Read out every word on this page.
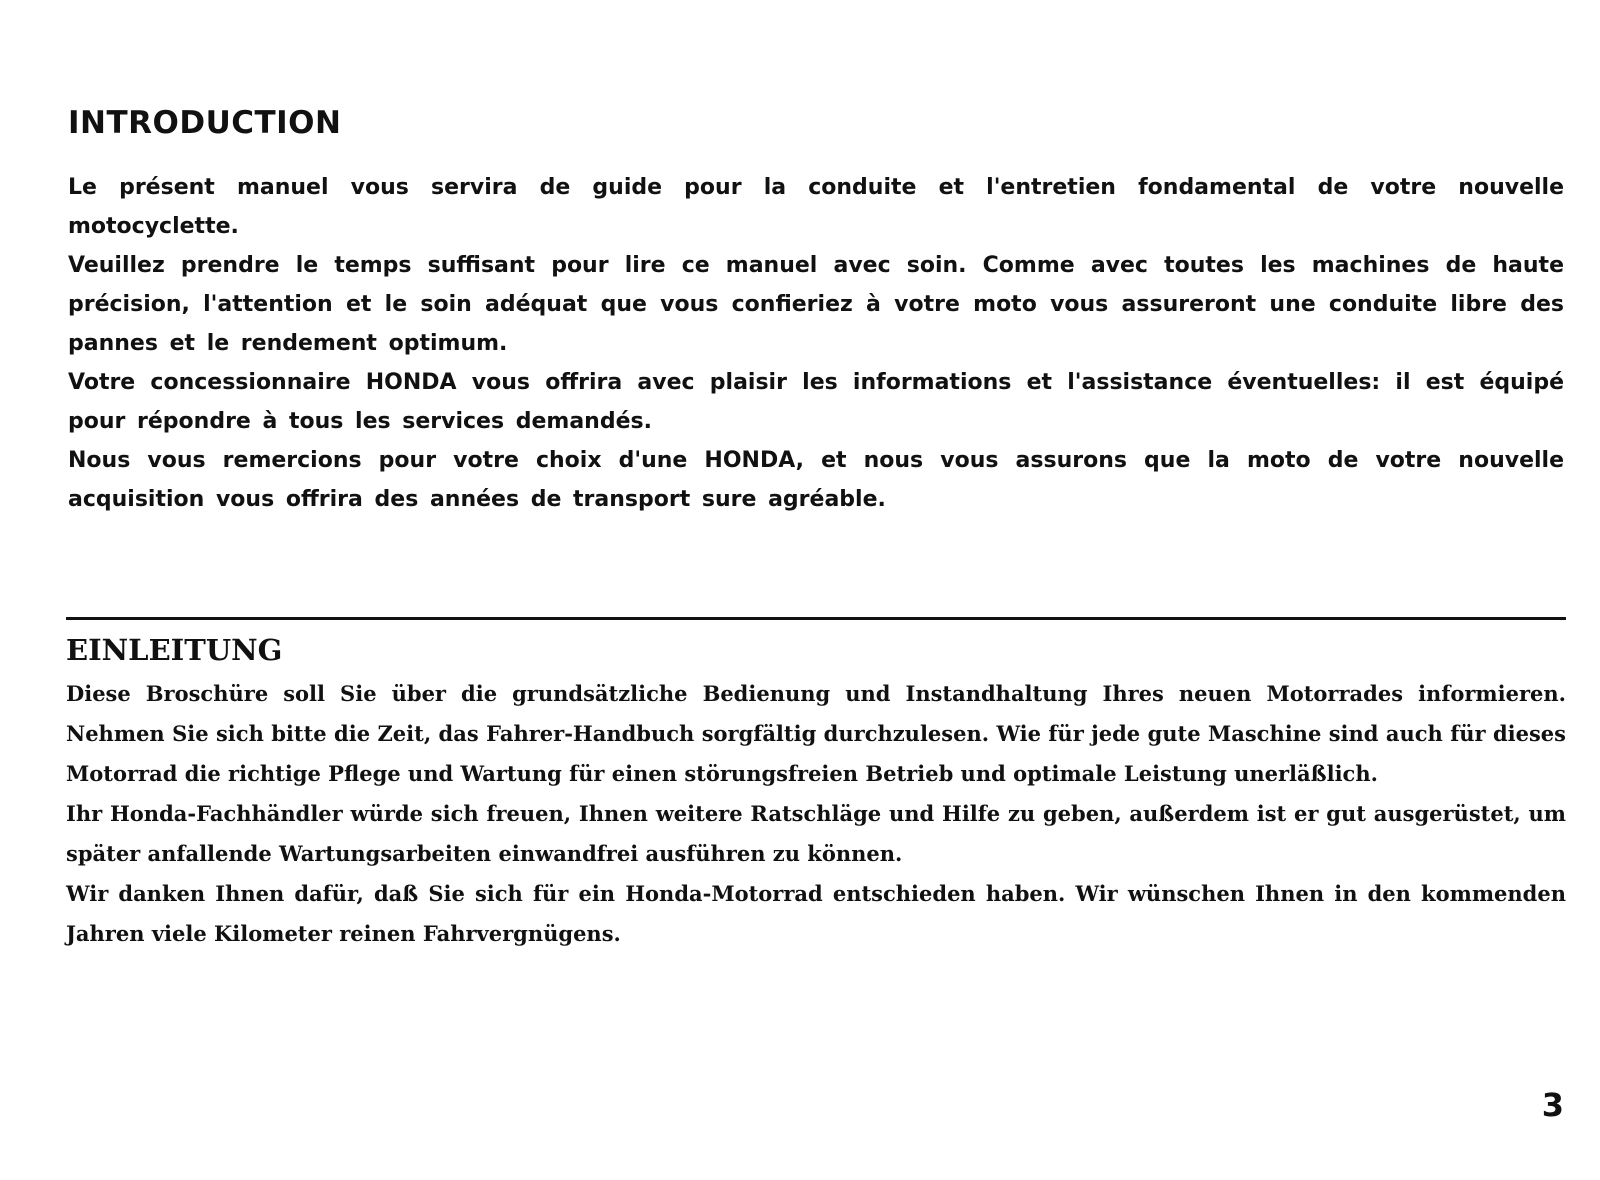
INTRODUCTION

Le présent manuel vous servira de guide pour la conduite et l'entretien fondamental de votre nouvelle motocyclette.

Veuillez prendre le temps suffisant pour lire ce manuel avec soin. Comme avec toutes les machines de haute précision, l'attention et le soin adéquat que vous confieriez à votre moto vous assureront une conduite libre des pannes et le rendement optimum.

Votre concessionnaire HONDA vous offrira avec plaisir les informations et l'assistance éventuelles: il est équipé pour répondre à tous les services demandés.

Nous vous remercions pour votre choix d'une HONDA, et nous vous assurons que la moto de votre nouvelle acquisition vous offrira des années de transport sure agréable.

EINLEITUNG

Diese Broschüre soll Sie über die grundsätzliche Bedienung und Instandhaltung Ihres neuen Motorrades informieren. Nehmen Sie sich bitte die Zeit, das Fahrer-Handbuch sorgfältig durchzulesen. Wie für jede gute Maschine sind auch für dieses Motorrad die richtige Pflege und Wartung für einen störungsfreien Betrieb und optimale Leistung unerläßlich.

Ihr Honda-Fachhändler würde sich freuen, Ihnen weitere Ratschläge und Hilfe zu geben, außerdem ist er gut ausgerüstet, um später anfallende Wartungsarbeiten einwandfrei ausführen zu können.

Wir danken Ihnen dafür, daß Sie sich für ein Honda-Motorrad entschieden haben. Wir wünschen Ihnen in den kommenden Jahren viele Kilometer reinen Fahrvergnügens.

3
